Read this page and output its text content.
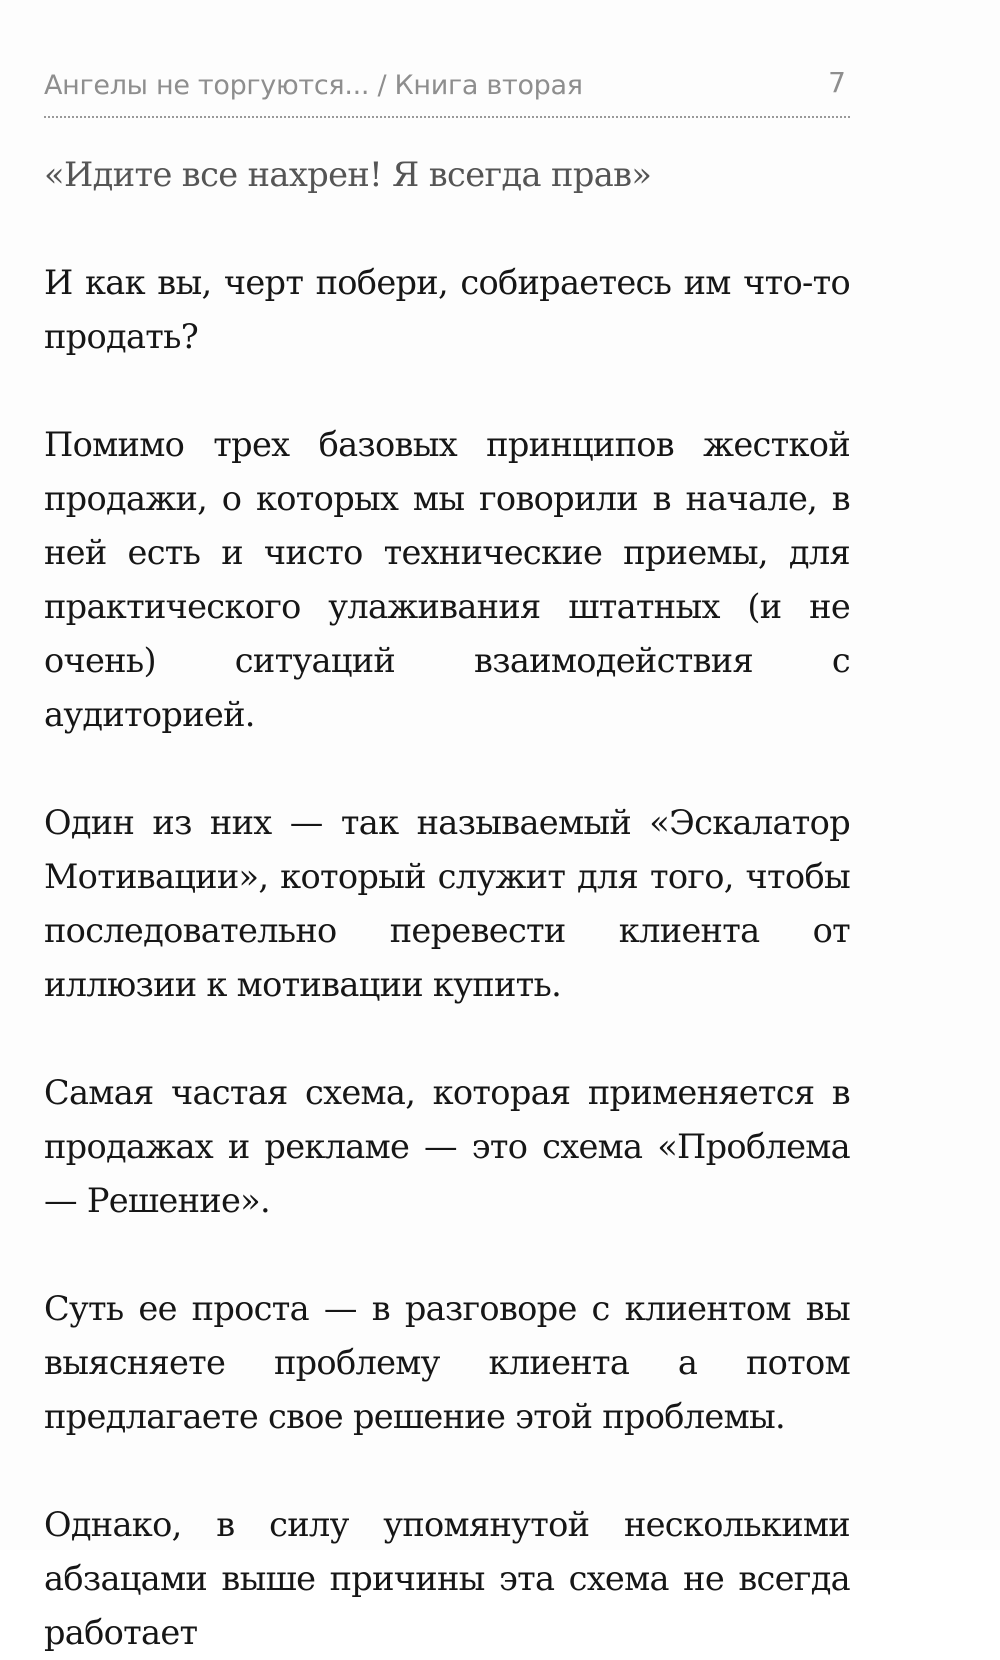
Ангелы не торгуются... / Книга вторая	7

«Идите все нахрен! Я всегда прав»

И как вы, черт побери, собираетесь им что-то продать?

Помимо трех базовых принципов жесткой продажи, о которых мы говорили в начале, в ней есть и чисто технические приемы, для практического улаживания штатных (и не очень) ситуаций взаимодействия с аудиторией.

Один из них — так называемый «Эскалатор Мотивации», который служит для того, чтобы последовательно перевести клиента от иллюзии к мотивации купить.

Самая частая схема, которая применяется в продажах и рекламе — это схема «Проблема — Решение».

Суть ее проста — в разговоре с клиентом вы выясняете проблему клиента а потом предлагаете свое решение этой проблемы.

Однако, в силу упомянутой несколькими абзацами выше причины эта схема не всегда работает
